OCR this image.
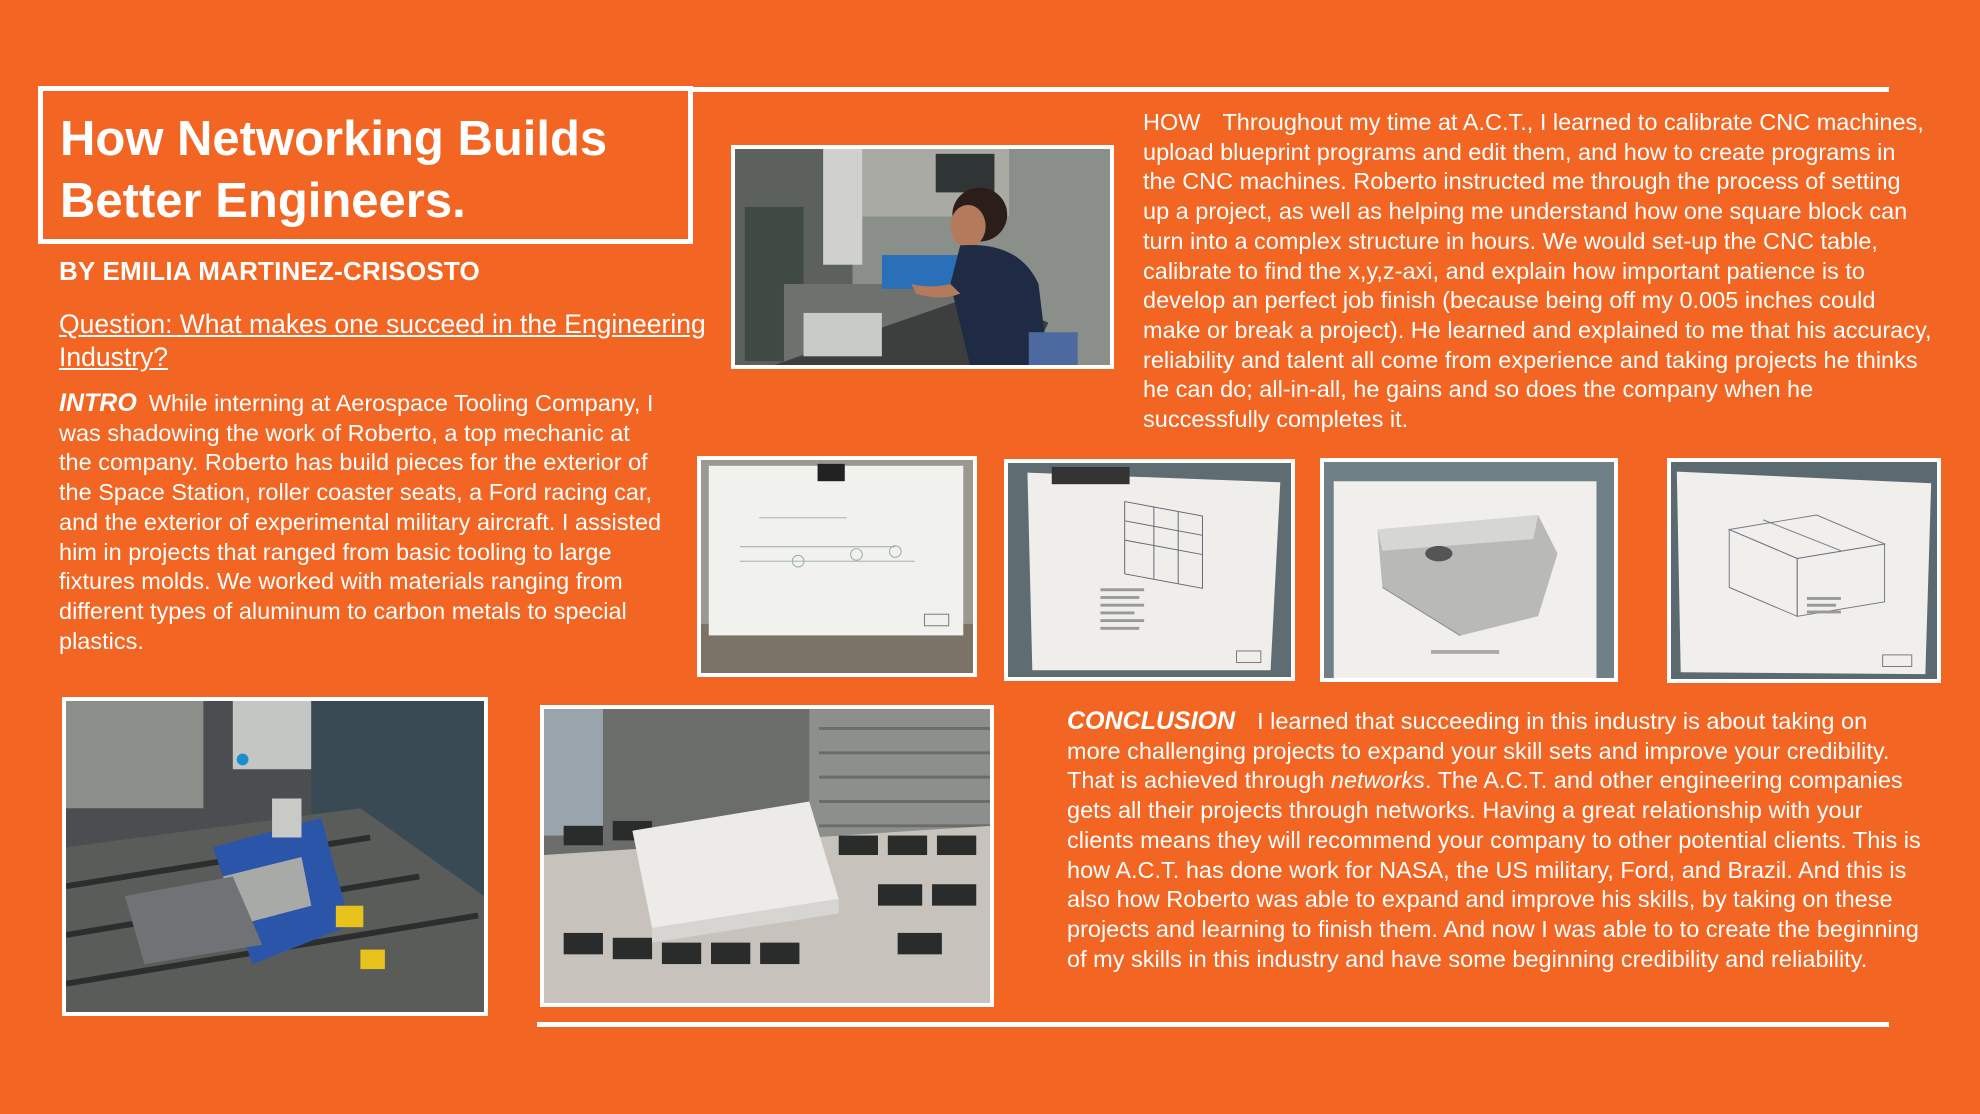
How Networking Builds Better Engineers.
BY EMILIA MARTINEZ-CRISOSTO
Question: What makes one succeed in the Engineering Industry?
INTRO While interning at Aerospace Tooling Company, I was shadowing the work of Roberto, a top mechanic at the company. Roberto has build pieces for the exterior of the Space Station, roller coaster seats, a Ford racing car, and the exterior of experimental military aircraft. I assisted him in projects that ranged from basic tooling to large fixtures molds. We worked with materials ranging from different types of aluminum to carbon metals to special plastics.
HOW Throughout my time at A.C.T., I learned to calibrate CNC machines, upload blueprint programs and edit them, and how to create programs in the CNC machines. Roberto instructed me through the process of setting up a project, as well as helping me understand how one square block can turn into a complex structure in hours. We would set-up the CNC table, calibrate to find the x,y,z-axi, and explain how important patience is to develop an perfect job finish (because being off my 0.005 inches could make or break a project). He learned and explained to me that his accuracy, reliability and talent all come from experience and taking projects he thinks he can do; all-in-all, he gains and so does the company when he successfully completes it.
CONCLUSION I learned that succeeding in this industry is about taking on more challenging projects to expand your skill sets and improve your credibility. That is achieved through networks. The A.C.T. and other engineering companies gets all their projects through networks. Having a great relationship with your clients means they will recommend your company to other potential clients. This is how A.C.T. has done work for NASA, the US military, Ford, and Brazil. And this is also how Roberto was able to expand and improve his skills, by taking on these projects and learning to finish them. And now I was able to to create the beginning of my skills in this industry and have some beginning credibility and reliability.
